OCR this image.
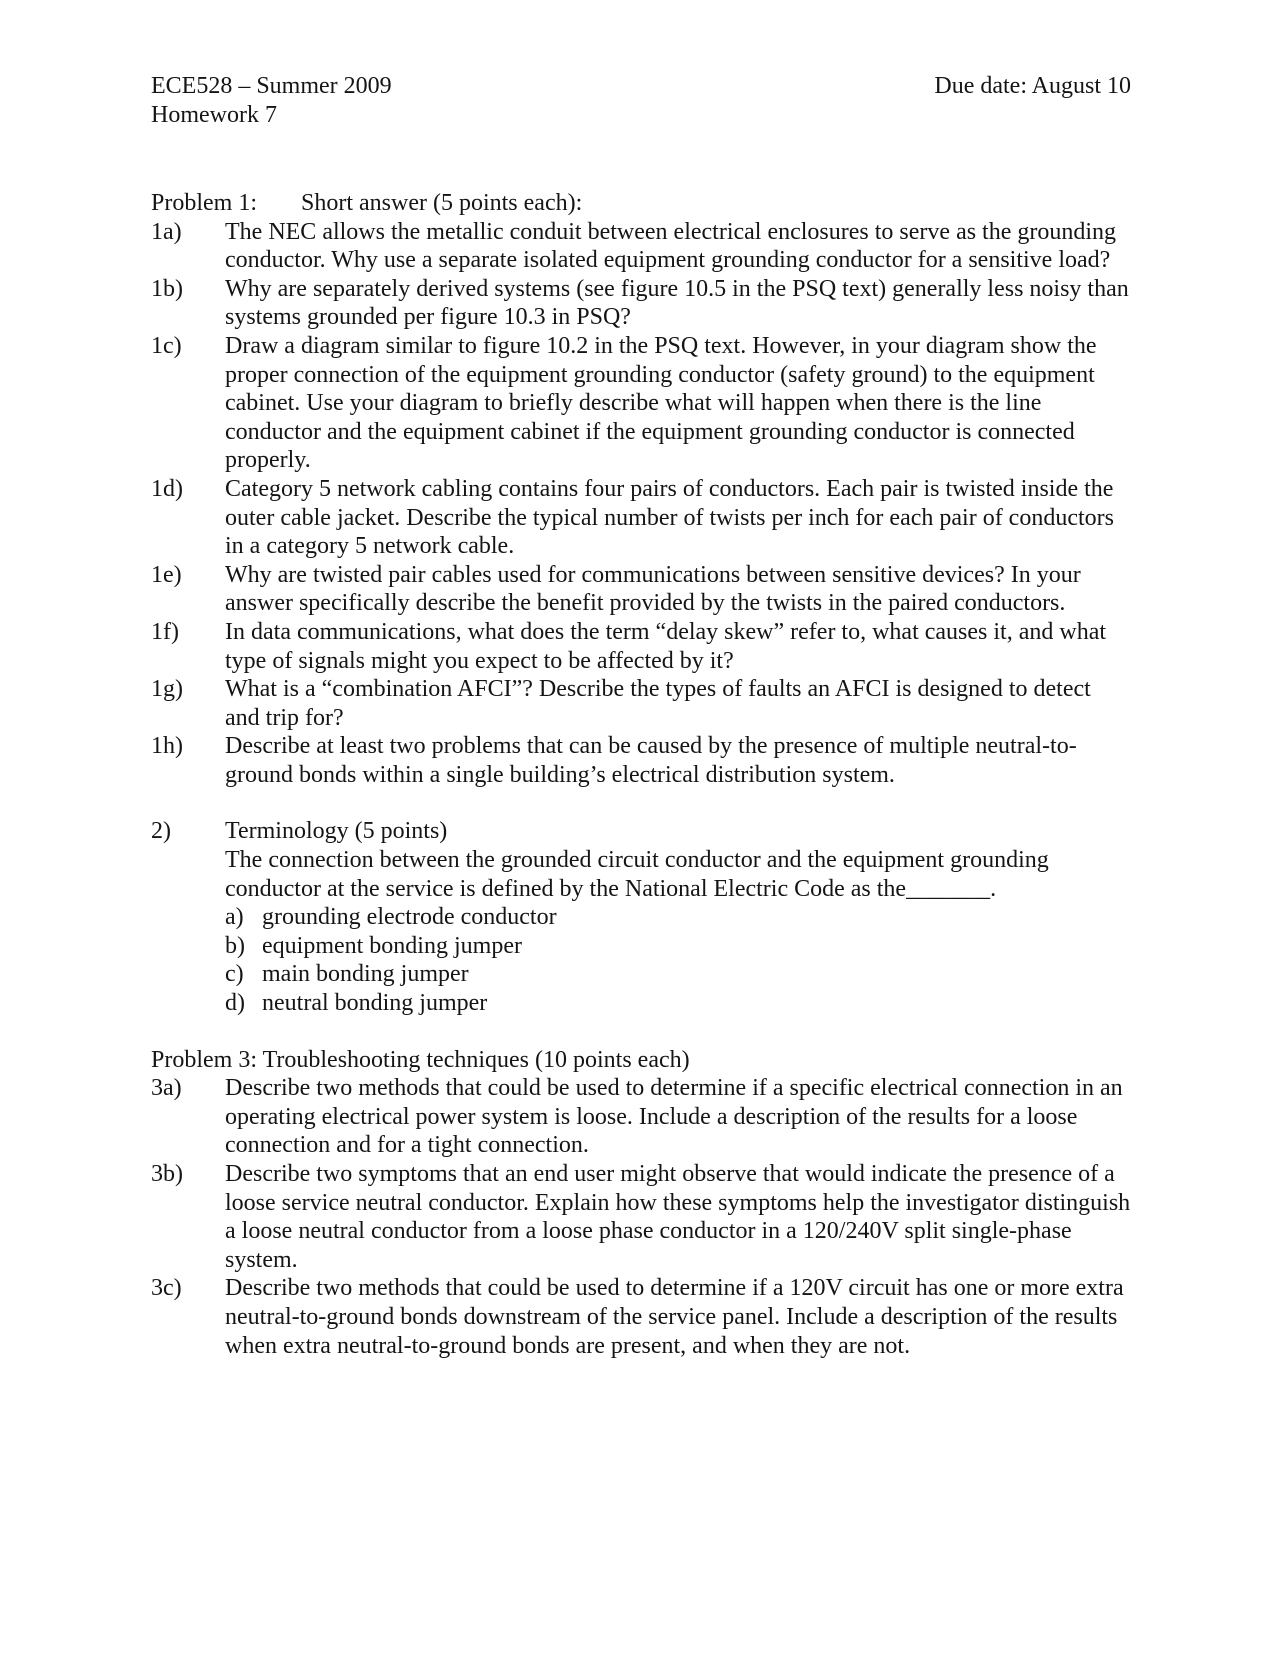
ECE528 – Summer 2009
Homework 7
Due date: August 10
Problem 1: Short answer (5 points each):
1a)	The NEC allows the metallic conduit between electrical enclosures to serve as the grounding conductor. Why use a separate isolated equipment grounding conductor for a sensitive load?
1b)	Why are separately derived systems (see figure 10.5 in the PSQ text) generally less noisy than systems grounded per figure 10.3 in PSQ?
1c)	Draw a diagram similar to figure 10.2 in the PSQ text. However, in your diagram show the proper connection of the equipment grounding conductor (safety ground) to the equipment cabinet. Use your diagram to briefly describe what will happen when there is the line conductor and the equipment cabinet if the equipment grounding conductor is connected properly.
1d)	Category 5 network cabling contains four pairs of conductors. Each pair is twisted inside the outer cable jacket. Describe the typical number of twists per inch for each pair of conductors in a category 5 network cable.
1e)	Why are twisted pair cables used for communications between sensitive devices? In your answer specifically describe the benefit provided by the twists in the paired conductors.
1f)	In data communications, what does the term “delay skew” refer to, what causes it, and what type of signals might you expect to be affected by it?
1g)	What is a “combination AFCI”? Describe the types of faults an AFCI is designed to detect and trip for?
1h)	Describe at least two problems that can be caused by the presence of multiple neutral-to-ground bonds within a single building’s electrical distribution system.
2)	Terminology (5 points)
The connection between the grounded circuit conductor and the equipment grounding conductor at the service is defined by the National Electric Code as the_______.
a) grounding electrode conductor
b) equipment bonding jumper
c) main bonding jumper
d) neutral bonding jumper
Problem 3: Troubleshooting techniques (10 points each)
3a)	Describe two methods that could be used to determine if a specific electrical connection in an operating electrical power system is loose. Include a description of the results for a loose connection and for a tight connection.
3b)	Describe two symptoms that an end user might observe that would indicate the presence of a loose service neutral conductor. Explain how these symptoms help the investigator distinguish a loose neutral conductor from a loose phase conductor in a 120/240V split single-phase system.
3c)	Describe two methods that could be used to determine if a 120V circuit has one or more extra neutral-to-ground bonds downstream of the service panel. Include a description of the results when extra neutral-to-ground bonds are present, and when they are not.
